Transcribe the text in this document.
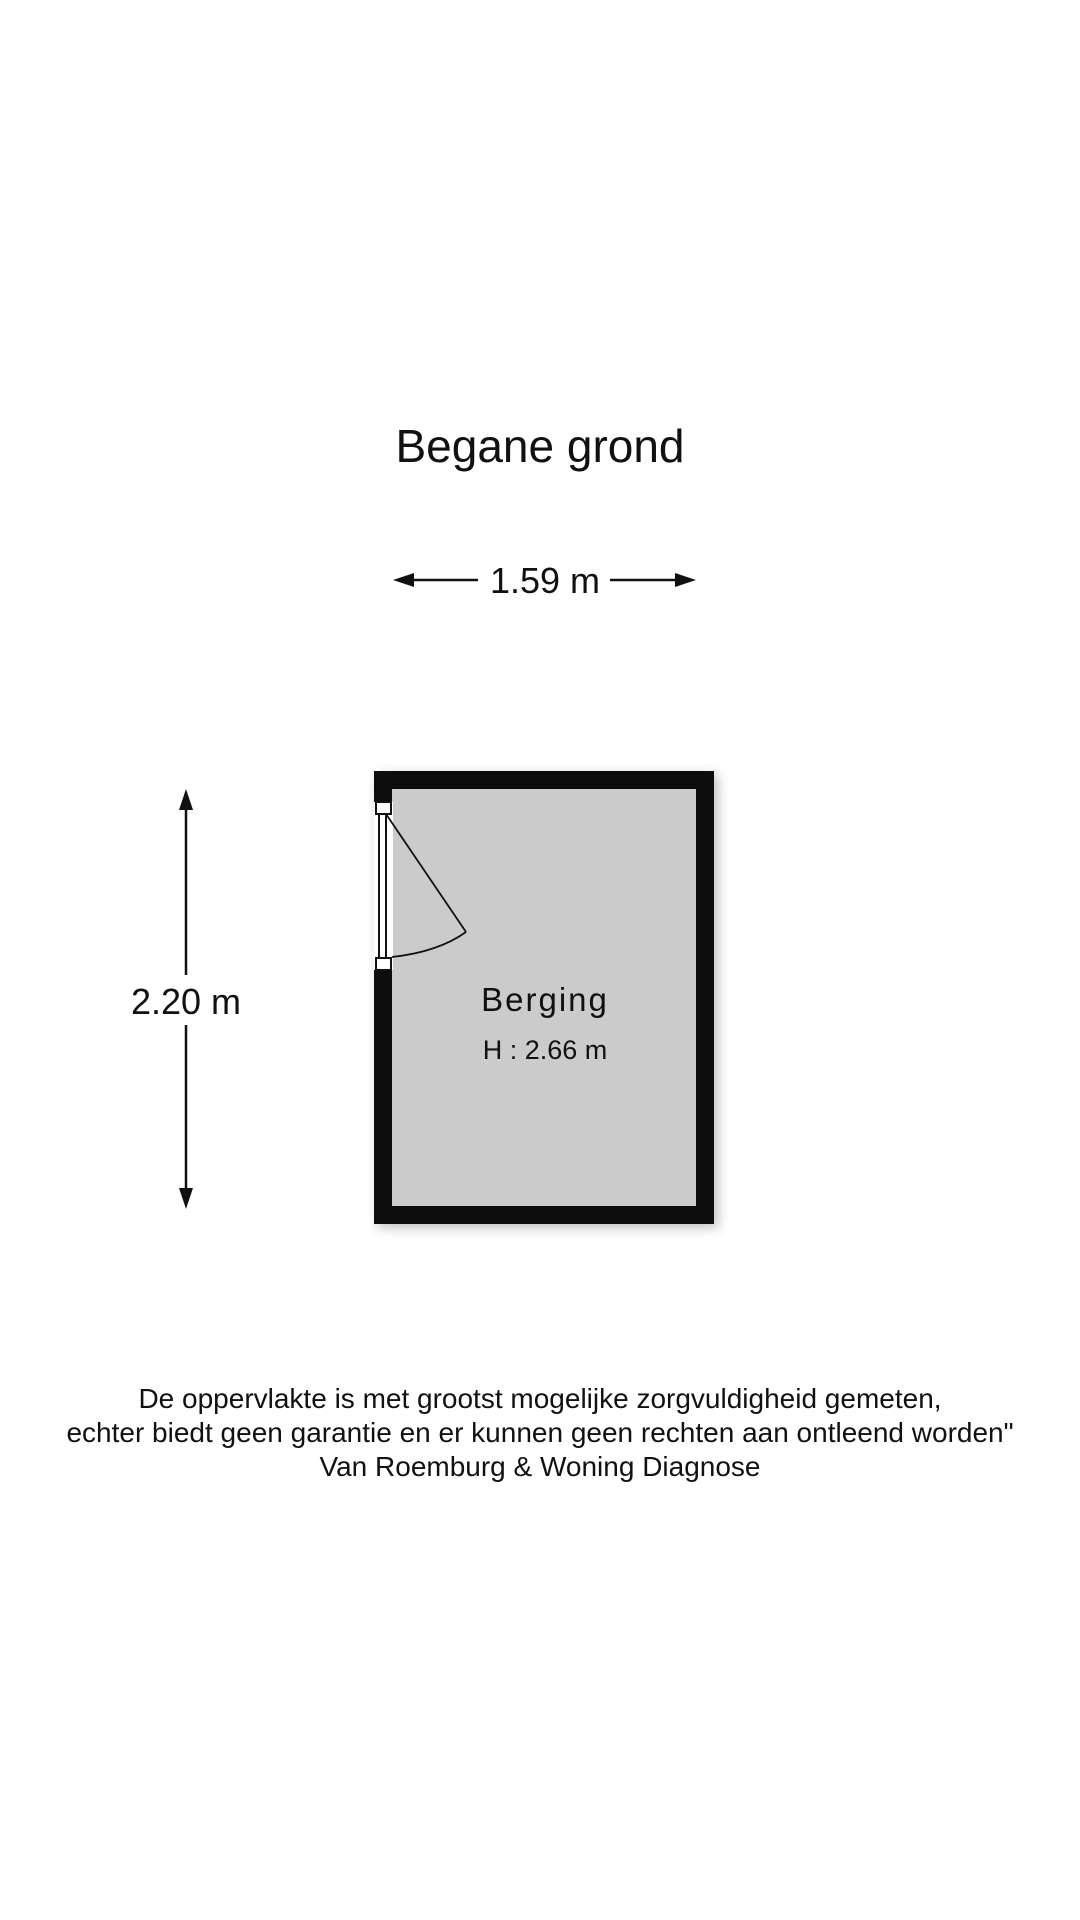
Begane grond
1.59 m
2.20 m	Berging
H : 2.66 m
De oppervlakte is met grootst mogelijke zorgvuldigheid gemeten,
echter biedt geen garantie en er kunnen geen rechten aan ontleend worden"
Van Roemburg & Woning Diagnose
